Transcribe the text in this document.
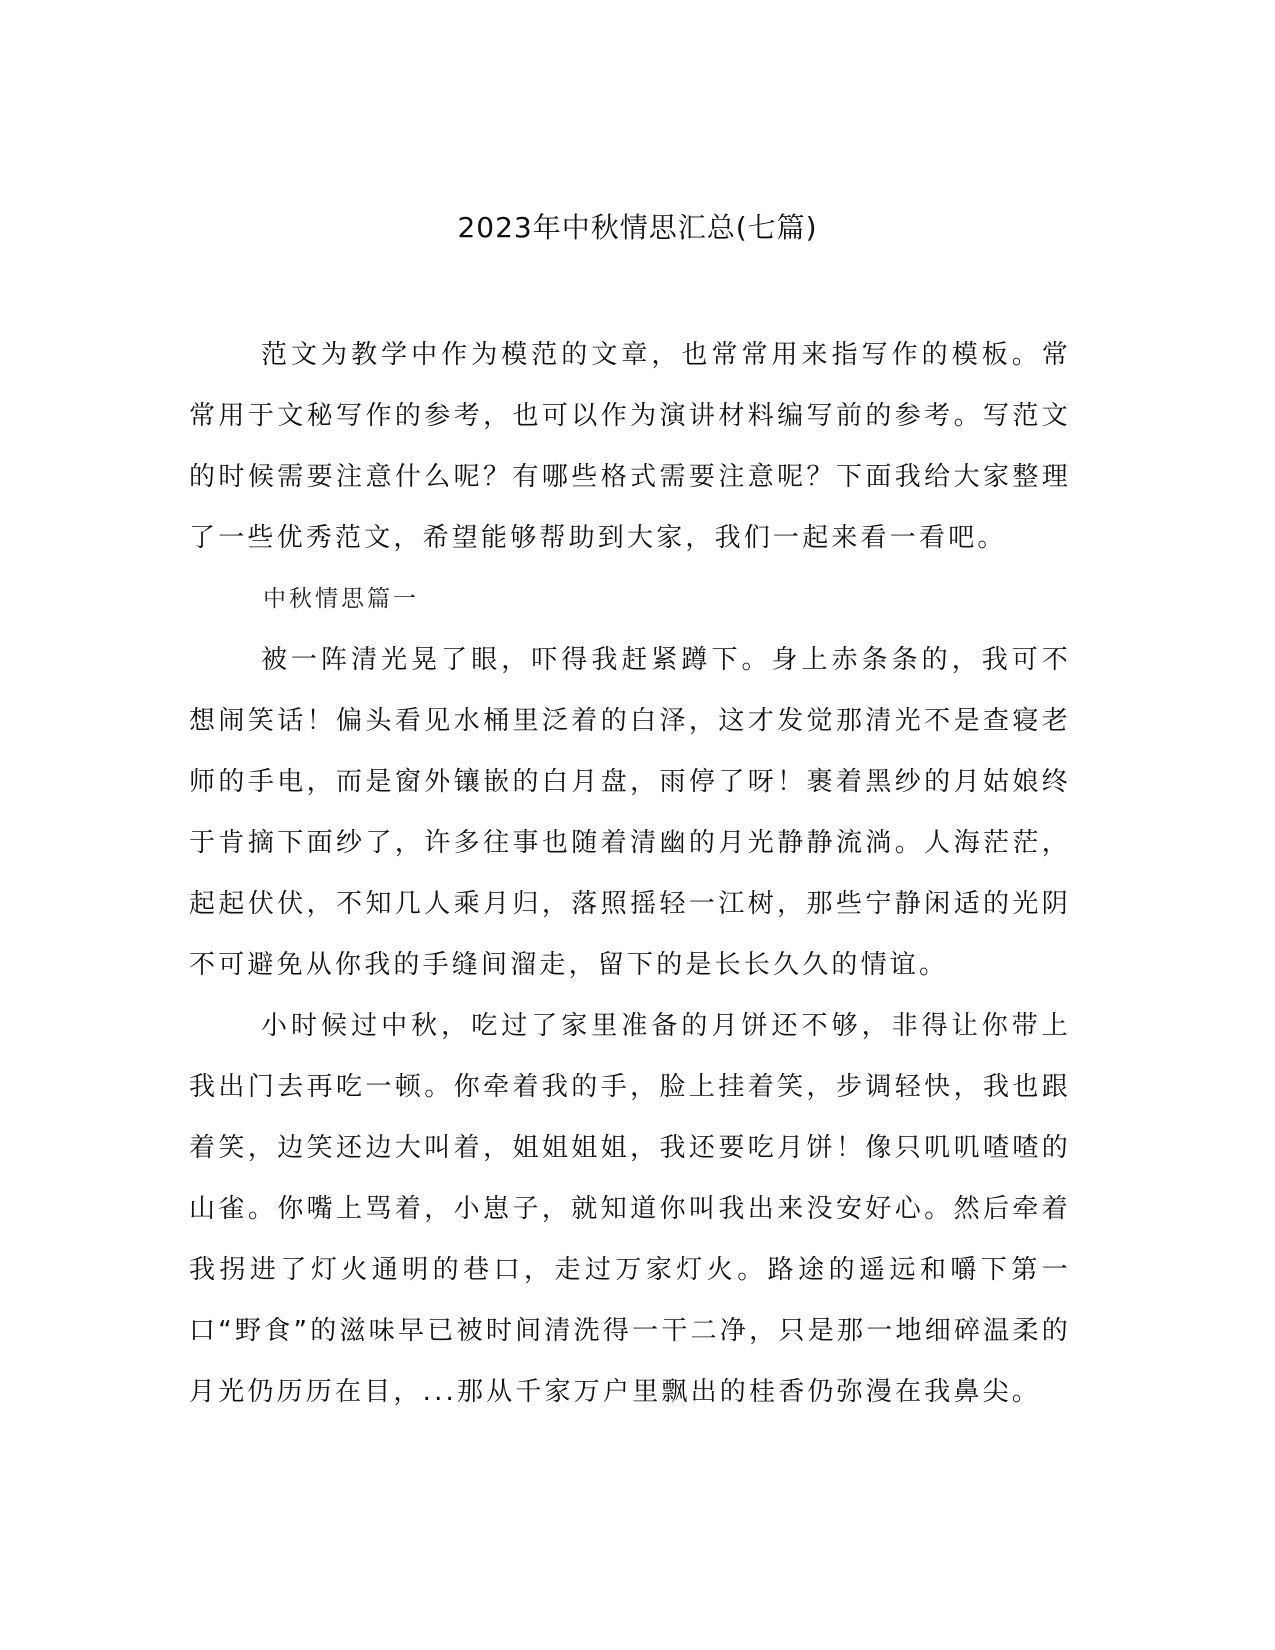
2023年中秋情思汇总(七篇)

范文为教学中作为模范的文章，也常常用来指写作的模板。常常用于文秘写作的参考，也可以作为演讲材料编写前的参考。写范文的时候需要注意什么呢？有哪些格式需要注意呢？下面我给大家整理了一些优秀范文，希望能够帮助到大家，我们一起来看一看吧。

中秋情思篇一

被一阵清光晃了眼，吓得我赶紧蹲下。身上赤条条的，我可不想闹笑话！偏头看见水桶里泛着的白泽，这才发觉那清光不是查寝老师的手电，而是窗外镶嵌的白月盘，雨停了呀！裹着黑纱的月姑娘终于肯摘下面纱了，许多往事也随着清幽的月光静静流淌。人海茫茫，起起伏伏，不知几人乘月归，落照摇轻一江树，那些宁静闲适的光阴不可避免从你我的手缝间溜走，留下的是长长久久的情谊。

小时候过中秋，吃过了家里准备的月饼还不够，非得让你带上我出门去再吃一顿。你牵着我的手，脸上挂着笑，步调轻快，我也跟着笑，边笑还边大叫着，姐姐姐姐，我还要吃月饼！像只叽叽喳喳的山雀。你嘴上骂着，小崽子，就知道你叫我出来没安好心。然后牵着我拐进了灯火通明的巷口，走过万家灯火。路途的遥远和嚼下第一口“野食”的滋味早已被时间清洗得一干二净，只是那一地细碎温柔的月光仍历历在目，...那从千家万户里飘出的桂香仍弥漫在我鼻尖。
